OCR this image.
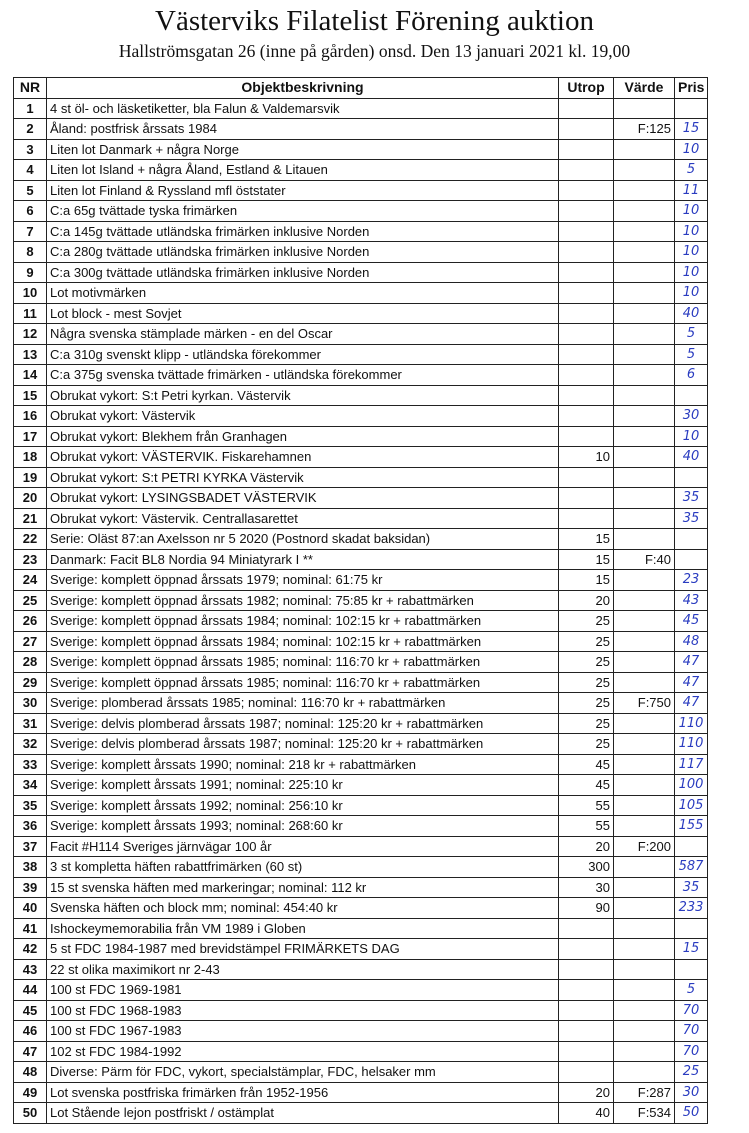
Västerviks Filatelist Förening auktion
Hallströmsgatan 26 (inne på gården) onsd. Den 13 januari 2021 kl. 19,00
NR	Objektbeskrivning	Utrop	Värde	Pris
1	4 st öl- och läsketiketter, bla Falun & Valdemarsvik			
2	Åland: postfrisk årssats 1984		F:125	15
3	Liten lot Danmark + några Norge			10
4	Liten lot Island + några Åland, Estland & Litauen			5
5	Liten lot Finland & Ryssland mfl öststater			11
6	C:a 65g tvättade tyska frimärken			10
7	C:a 145g tvättade utländska frimärken inklusive Norden			10
8	C:a 280g tvättade utländska frimärken inklusive Norden			10
9	C:a 300g tvättade utländska frimärken inklusive Norden			10
10	Lot motivmärken			10
11	Lot block - mest Sovjet			40
12	Några svenska stämplade märken - en del Oscar			5
13	C:a 310g svenskt klipp - utländska förekommer			5
14	C:a 375g svenska tvättade frimärken - utländska förekommer			6
15	Obrukat vykort: S:t Petri kyrkan. Västervik			
16	Obrukat vykort: Västervik			30
17	Obrukat vykort: Blekhem från Granhagen			10
18	Obrukat vykort: VÄSTERVIK. Fiskarehamnen	10		40
19	Obrukat vykort: S:t PETRI KYRKA Västervik			
20	Obrukat vykort: LYSINGSBADET VÄSTERVIK			35
21	Obrukat vykort: Västervik. Centrallasarettet			35
22	Serie: Oläst 87:an Axelsson nr 5 2020 (Postnord skadat baksidan)	15		
23	Danmark: Facit BL8 Nordia 94 Miniatyrark I **	15	F:40	
24	Sverige: komplett öppnad årssats 1979; nominal: 61:75 kr	15		23
25	Sverige: komplett öppnad årssats 1982; nominal: 75:85 kr + rabattmärken	20		43
26	Sverige: komplett öppnad årssats 1984; nominal: 102:15 kr + rabattmärken	25		45
27	Sverige: komplett öppnad årssats 1984; nominal: 102:15 kr + rabattmärken	25		48
28	Sverige: komplett öppnad årssats 1985; nominal: 116:70 kr + rabattmärken	25		47
29	Sverige: komplett öppnad årssats 1985; nominal: 116:70 kr + rabattmärken	25		47
30	Sverige: plomberad årssats 1985; nominal: 116:70 kr + rabattmärken	25	F:750	47
31	Sverige: delvis plomberad årssats 1987; nominal: 125:20 kr + rabattmärken	25		110
32	Sverige: delvis plomberad årssats 1987; nominal: 125:20 kr + rabattmärken	25		110
33	Sverige: komplett årssats 1990; nominal: 218 kr + rabattmärken	45		117
34	Sverige: komplett årssats 1991; nominal: 225:10 kr	45		100
35	Sverige: komplett årssats 1992; nominal: 256:10 kr	55		105
36	Sverige: komplett årssats 1993; nominal: 268:60 kr	55		155
37	Facit #H114 Sveriges järnvägar 100 år	20	F:200	
38	3 st kompletta häften rabattfrimärken (60 st)	300		587
39	15 st svenska häften med markeringar; nominal: 112 kr	30		35
40	Svenska häften och block mm; nominal: 454:40 kr	90		233
41	Ishockeymemorabilia från VM 1989 i Globen			
42	5 st FDC 1984-1987 med brevidstämpel FRIMÄRKETS DAG			15
43	22 st olika maximikort nr 2-43			
44	100 st FDC 1969-1981			5
45	100 st FDC 1968-1983			70
46	100 st FDC 1967-1983			70
47	102 st FDC 1984-1992			70
48	Diverse: Pärm för FDC, vykort, specialstämplar, FDC, helsaker mm			25
49	Lot svenska postfriska frimärken från 1952-1956	20	F:287	30
50	Lot Stående lejon postfriskt / ostämplat	40	F:534	50
